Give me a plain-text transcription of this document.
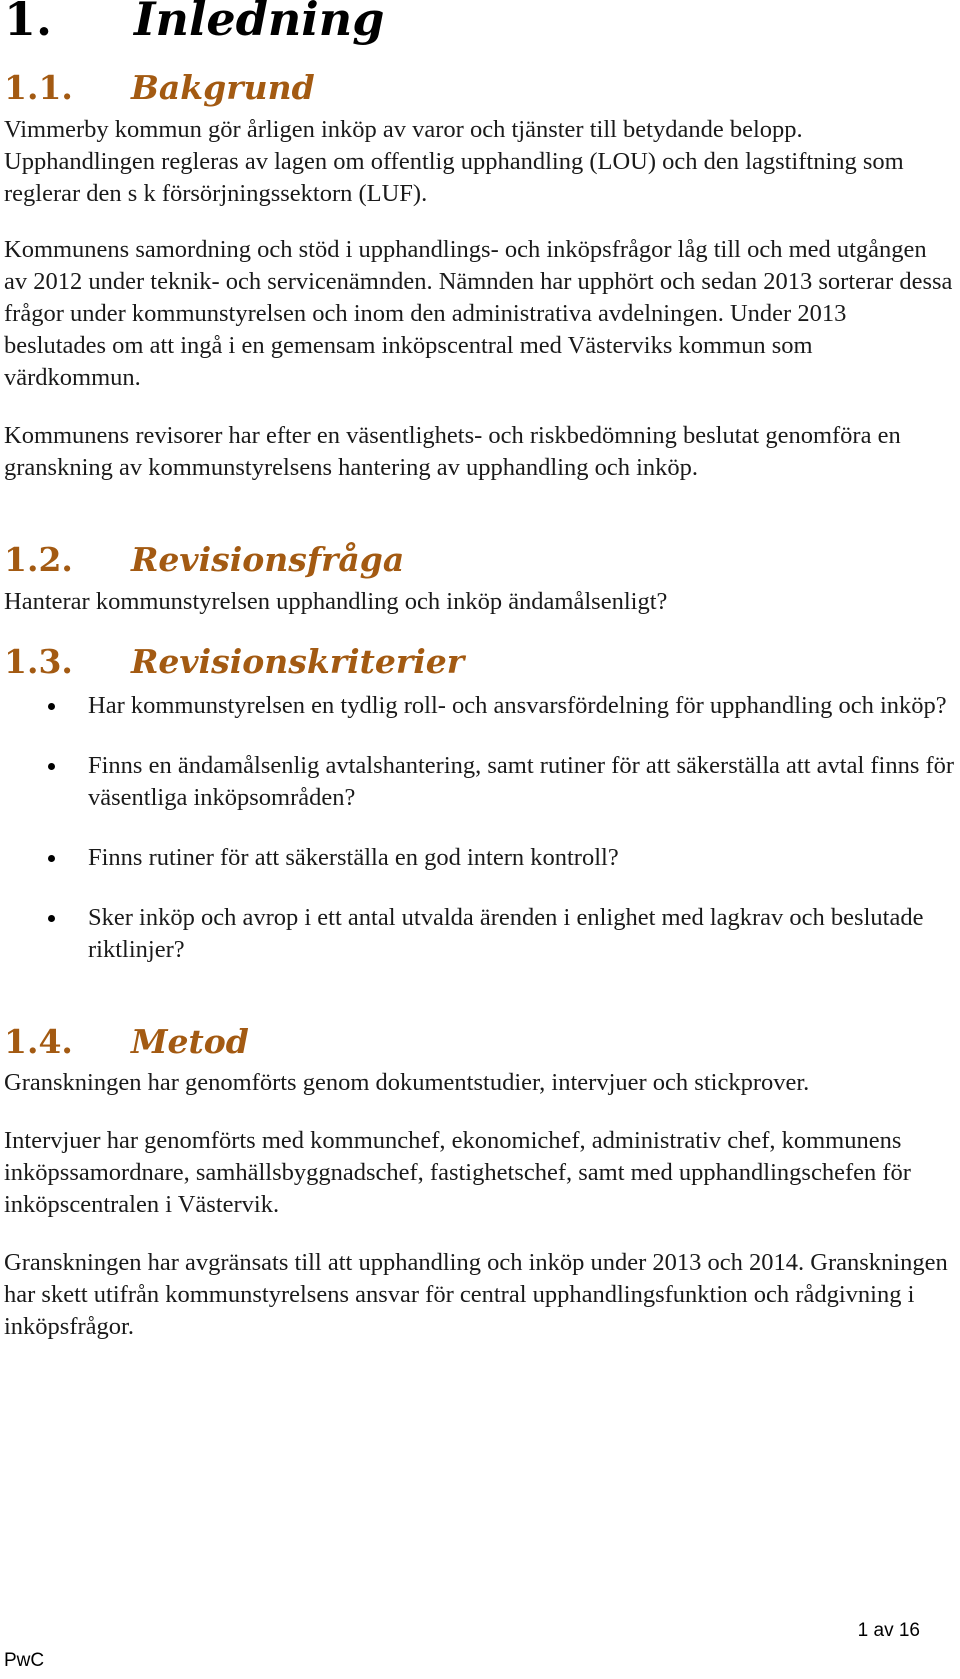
1. Inledning
1.1. Bakgrund

Vimmerby kommun gör årligen inköp av varor och tjänster till betydande belopp. Upphandlingen regleras av lagen om offentlig upphandling (LOU) och den lagstiftning som reglerar den s k försörjningssektorn (LUF).

Kommunens samordning och stöd i upphandlings- och inköpsfrågor låg till och med utgången av 2012 under teknik- och servicenämnden. Nämnden har upphört och sedan 2013 sorterar dessa frågor under kommunstyrelsen och inom den administrativa avdelningen. Under 2013 beslutades om att ingå i en gemensam inköpscentral med Västerviks kommun som värdkommun.

Kommunens revisorer har efter en väsentlighets- och riskbedömning beslutat genomföra en granskning av kommunstyrelsens hantering av upphandling och inköp.

1.2. Revisionsfråga

Hanterar kommunstyrelsen upphandling och inköp ändamålsenligt?

1.3. Revisionskriterier
Har kommunstyrelsen en tydlig roll- och ansvarsfördelning för upphandling och inköp?
Finns en ändamålsenlig avtalshantering, samt rutiner för att säkerställa att avtal finns för väsentliga inköpsområden?
Finns rutiner för att säkerställa en god intern kontroll?
Sker inköp och avrop i ett antal utvalda ärenden i enlighet med lagkrav och beslutade riktlinjer?
1.4. Metod

Granskningen har genomförts genom dokumentstudier, intervjuer och stickprover.

Intervjuer har genomförts med kommunchef, ekonomichef, administrativ chef, kommunens inköpssamordnare, samhällsbyggnadschef, fastighetschef, samt med upphandlingschefen för inköpscentralen i Västervik.

Granskningen har avgränsats till att upphandling och inköp under 2013 och 2014. Granskningen har skett utifrån kommunstyrelsens ansvar för central upphandlingsfunktion och rådgivning i inköpsfrågor.

1 av 16
PwC
